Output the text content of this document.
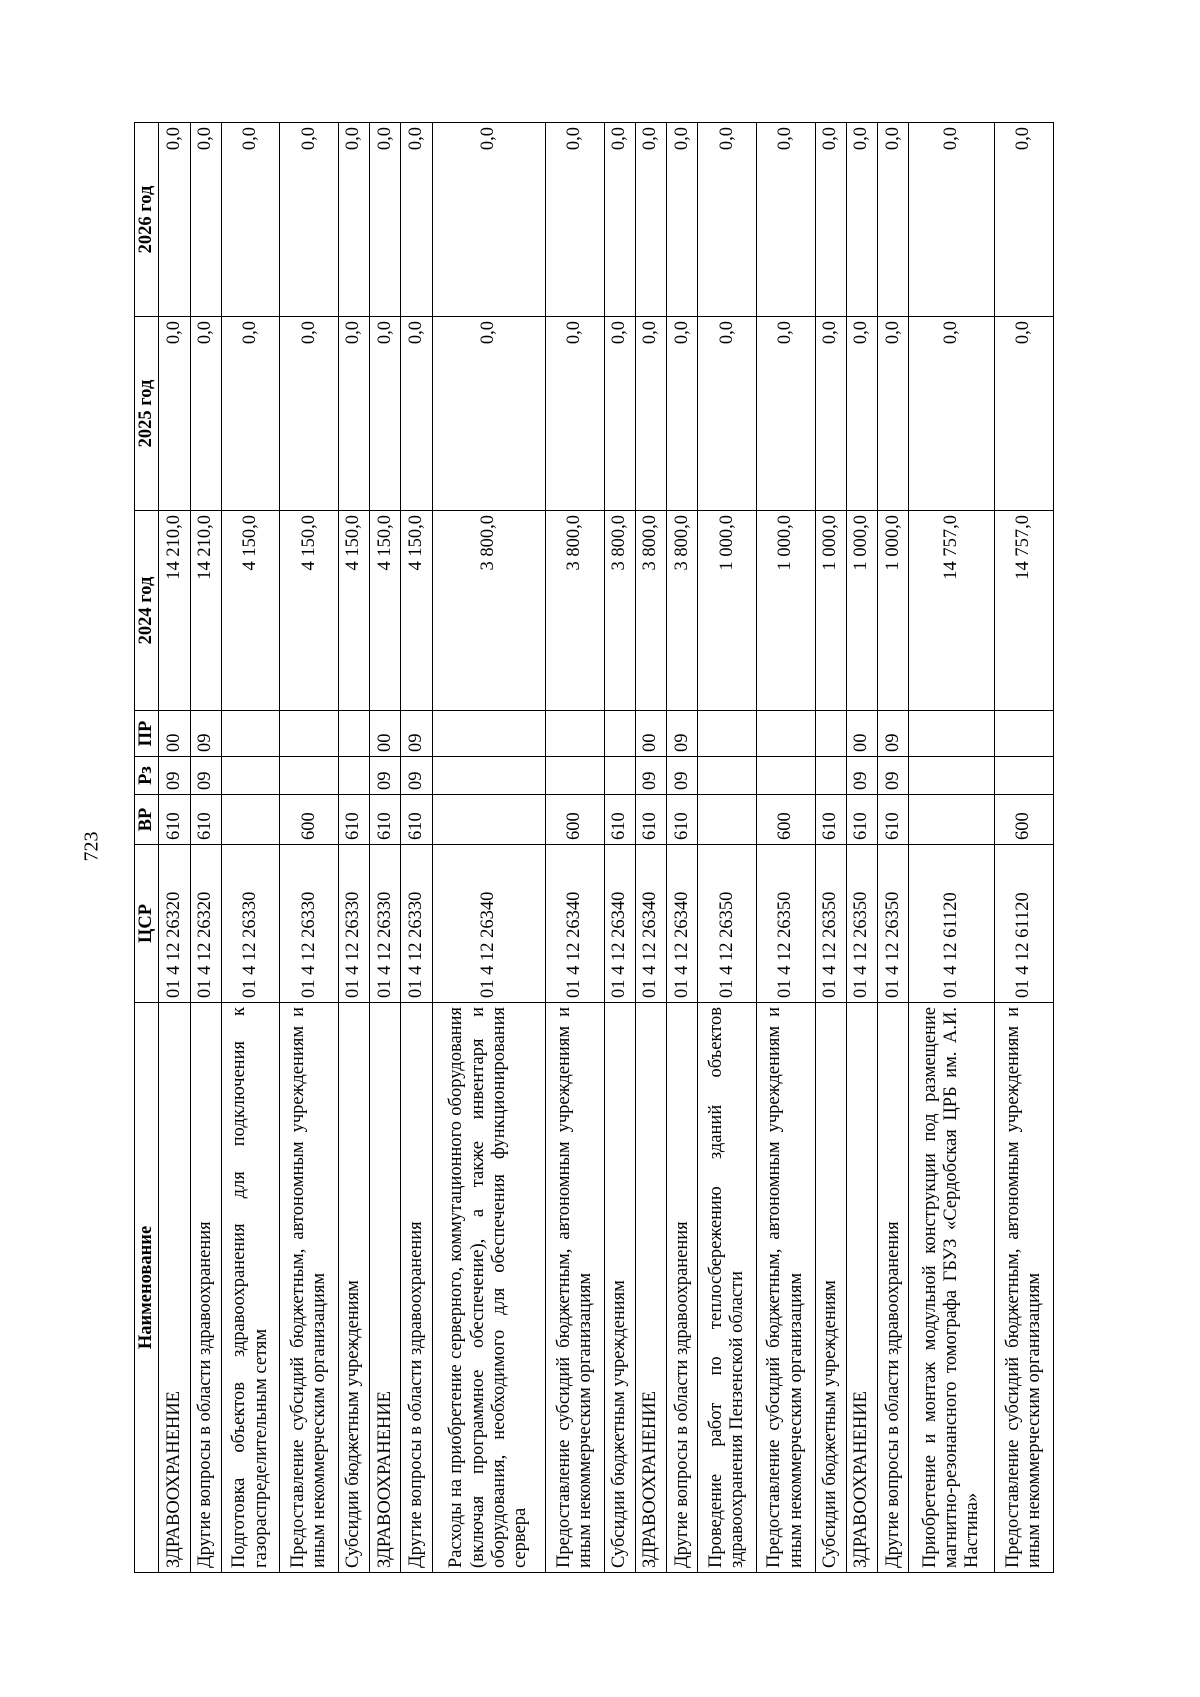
723
Наименование	ЦСР	ВР	Рз	ПР	2024 год	2025 год	2026 год
ЗДРАВООХРАНЕНИЕ	01 4 12 26320	610	09	00	14 210,0	0,0	0,0
Другие вопросы в области здравоохранения	01 4 12 26320	610	09	09	14 210,0	0,0	0,0
Подготовка объектов здравоохранения для подключения к газораспределительным сетям	01 4 12 26330				4 150,0	0,0	0,0
Предоставление субсидий бюджетным, автономным учреждениям и иным некоммерческим организациям	01 4 12 26330	600			4 150,0	0,0	0,0
Субсидии бюджетным учреждениям	01 4 12 26330	610			4 150,0	0,0	0,0
ЗДРАВООХРАНЕНИЕ	01 4 12 26330	610	09	00	4 150,0	0,0	0,0
Другие вопросы в области здравоохранения	01 4 12 26330	610	09	09	4 150,0	0,0	0,0
Расходы на приобретение серверного, коммутационного оборудования (включая программное обеспечение), а также инвентаря и оборудования, необходимого для обеспечения функционирования сервера	01 4 12 26340				3 800,0	0,0	0,0
Предоставление субсидий бюджетным, автономным учреждениям и иным некоммерческим организациям	01 4 12 26340	600			3 800,0	0,0	0,0
Субсидии бюджетным учреждениям	01 4 12 26340	610			3 800,0	0,0	0,0
ЗДРАВООХРАНЕНИЕ	01 4 12 26340	610	09	00	3 800,0	0,0	0,0
Другие вопросы в области здравоохранения	01 4 12 26340	610	09	09	3 800,0	0,0	0,0
Проведение работ по теплосбережению зданий объектов здравоохранения Пензенской области	01 4 12 26350				1 000,0	0,0	0,0
Предоставление субсидий бюджетным, автономным учреждениям и иным некоммерческим организациям	01 4 12 26350	600			1 000,0	0,0	0,0
Субсидии бюджетным учреждениям	01 4 12 26350	610			1 000,0	0,0	0,0
ЗДРАВООХРАНЕНИЕ	01 4 12 26350	610	09	00	1 000,0	0,0	0,0
Другие вопросы в области здравоохранения	01 4 12 26350	610	09	09	1 000,0	0,0	0,0
Приобретение и монтаж модульной конструкции под размещение магнитно-резонансного томографа ГБУЗ «Сердобская ЦРБ им. А.И. Настина»	01 4 12 61120				14 757,0	0,0	0,0
Предоставление субсидий бюджетным, автономным учреждениям и иным некоммерческим организациям	01 4 12 61120	600			14 757,0	0,0	0,0
